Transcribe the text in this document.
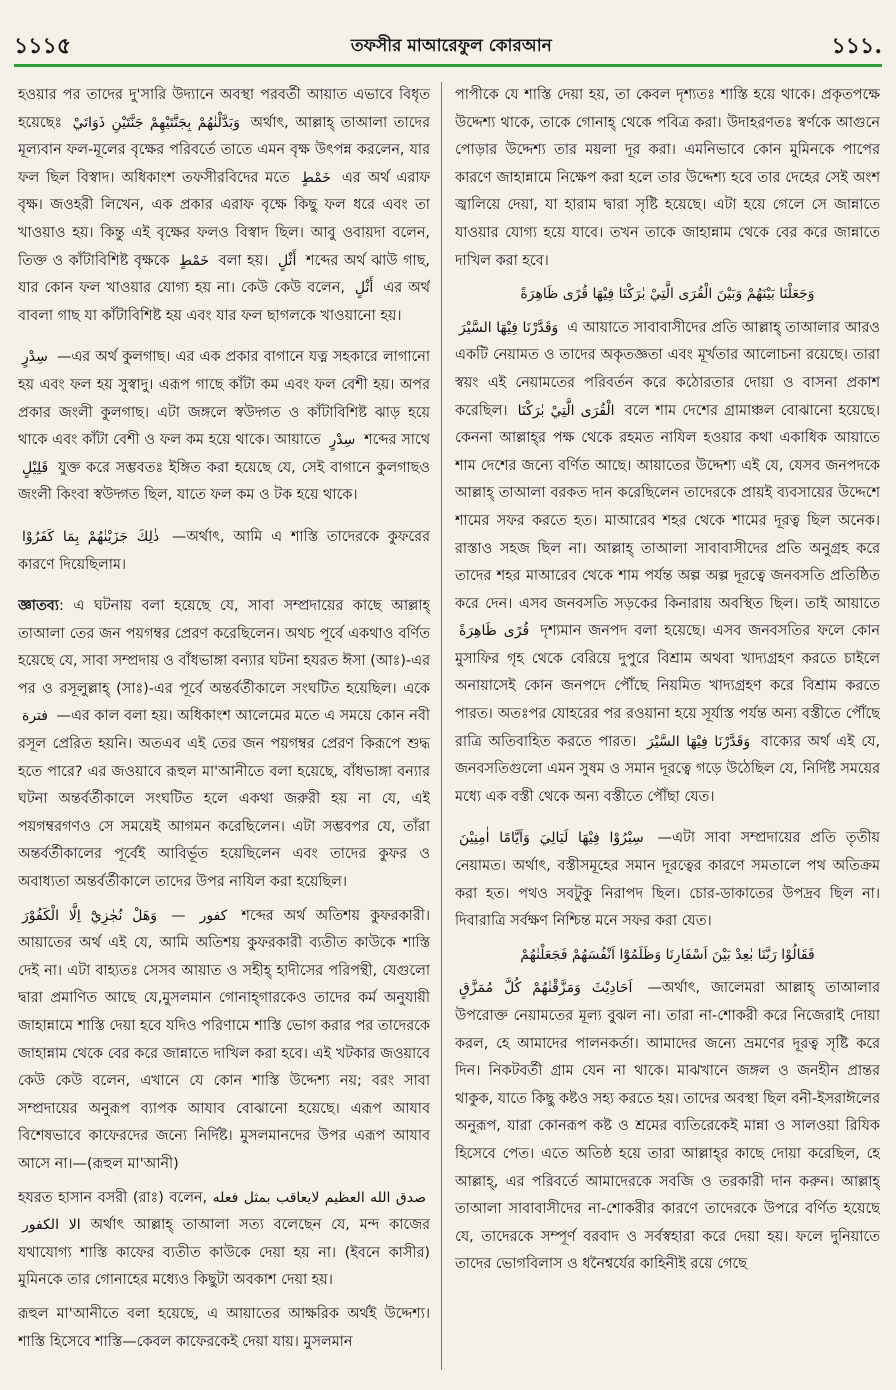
১১১৫	তফসীর মাআরেফুল কোরআন	১১১.

হওয়ার পর তাদের দু'সারি উদ্যানে অবস্থা পরবর্তী আয়াত এভাবে বিধৃত হয়েছেঃ وَبَدَّلْنٰهُمْ بِجَنَّتَيْهِمْ جَنَّتَيْنِ ذَوَاتَيْ অর্থাৎ, আল্লাহ্ তাআলা তাদের মূল্যবান ফল-মূলের বৃক্ষের পরিবর্তে তাতে এমন বৃক্ষ উৎপন্ন করলেন, যার ফল ছিল বিস্বাদ। অধিকাংশ তফসীরবিদের মতে خَمْطٍ এর অর্থ এরাফ বৃক্ষ। জওহরী লিখেন, এক প্রকার এরাফ বৃক্ষে কিছু ফল ধরে এবং তা খাওয়াও হয়। কিন্তু এই বৃক্ষের ফলও বিস্বাদ ছিল। আবু ওবায়দা বলেন, তিক্ত ও কাঁটাবিশিষ্ট বৃক্ষকে خَمْطٍ বলা হয়। أَثْلٍ শব্দের অর্থ ঝাউ গাছ, যার কোন ফল খাওয়ার যোগ্য হয় না। কেউ কেউ বলেন, أَثْلٍ এর অর্থ বাবলা গাছ যা কাঁটাবিশিষ্ট হয় এবং যার ফল ছাগলকে খাওয়ানো হয়।

سِدْرٍ —এর অর্থ কুলগাছ। এর এক প্রকার বাগানে যত্ন সহকারে লাগানো হয় এবং ফল হয় সুস্বাদু। এরূপ গাছে কাঁটা কম এবং ফল বেশী হয়। অপর প্রকার জংলী কুলগাছ। এটা জঙ্গলে স্বউদ্গত ও কাঁটাবিশিষ্ট ঝাড় হয়ে থাকে এবং কাঁটা বেশী ও ফল কম হয়ে থাকে। আয়াতে سِدْرٍ শব্দের সাথে قَلِيْلٍ যুক্ত করে সম্ভবতঃ ইঙ্গিত করা হয়েছে যে, সেই বাগানে কুলগাছও জংলী কিংবা স্বউদ্গত ছিল, যাতে ফল কম ও টক হয়ে থাকে।

ذٰلِكَ جَزَيْنٰهُمْ بِمَا كَفَرُوْا —অর্থাৎ, আমি এ শাস্তি তাদেরকে কুফরের কারণে দিয়েছিলাম।

জ্ঞাতব্য: এ ঘটনায় বলা হয়েছে যে, সাবা সম্প্রদায়ের কাছে আল্লাহ্ তাআলা তের জন পয়গম্বর প্রেরণ করেছিলেন। অথচ পূর্বে একথাও বর্ণিত হয়েছে যে, সাবা সম্প্রদায় ও বাঁধভাঙ্গা বন্যার ঘটনা হযরত ঈসা (আঃ)-এর পর ও রসূলুল্লাহ্ (সাঃ)-এর পূর্বে অন্তর্বর্তীকালে সংঘটিত হয়েছিল। একে فترة —এর কাল বলা হয়। অধিকাংশ আলেমের মতে এ সময়ে কোন নবী রসূল প্রেরিত হয়নি। অতএব এই তের জন পয়গম্বর প্রেরণ কিরূপে শুদ্ধ হতে পারে? এর জওয়াবে রূহুল মা'আনীতে বলা হয়েছে, বাঁধভাঙ্গা বন্যার ঘটনা অন্তর্বর্তীকালে সংঘটিত হলে একথা জরুরী হয় না যে, এই পয়গম্বরগণও সে সময়েই আগমন করেছিলেন। এটা সম্ভবপর যে, তাঁরা অন্তর্বর্তীকালের পূর্বেই আবির্ভূত হয়েছিলেন এবং তাদের কুফর ও অবাধ্যতা অন্তর্বর্তীকালে তাদের উপর নাযিল করা হয়েছিল।

وَهَلْ نُجٰزِيْٓ اِلَّا الْكَفُوْرَ — كفور শব্দের অর্থ অতিশয় কুফরকারী। আয়াতের অর্থ এই যে, আমি অতিশয় কুফরকারী ব্যতীত কাউকে শাস্তি দেই না। এটা বাহ্যতঃ সেসব আয়াত ও সহীহ্ হাদীসের পরিপন্থী, যেগুলো দ্বারা প্রমাণিত আছে যে,মুসলমান গোনাহ্গারকেও তাদের কর্ম অনুযায়ী জাহান্নামে শাস্তি দেয়া হবে যদিও পরিণামে শাস্তি ভোগ করার পর তাদেরকে জাহান্নাম থেকে বের করে জান্নাতে দাখিল করা হবে। এই খটকার জওয়াবে কেউ কেউ বলেন, এখানে যে কোন শাস্তি উদ্দেশ্য নয়; বরং সাবা সম্প্রদায়ের অনুরূপ ব্যাপক আযাব বোঝানো হয়েছে। এরূপ আযাব বিশেষভাবে কাফেরদের জন্যে নির্দিষ্ট। মুসলমানদের উপর এরূপ আযাব আসে না।—(রূহুল মা'আনী)

হযরত হাসান বসরী (রাঃ) বলেন, صدق الله العظيم لايعاقب بمثل فعله الا الكفور অর্থাৎ আল্লাহ্ তাআলা সত্য বলেছেন যে, মন্দ কাজের যথাযোগ্য শাস্তি কাফের ব্যতীত কাউকে দেয়া হয় না। (ইবনে কাসীর) মুমিনকে তার গোনাহের মধ্যেও কিছুটা অবকাশ দেয়া হয়।

রূহুল মা'আনীতে বলা হয়েছে, এ আয়াতের আক্ষরিক অর্থই উদ্দেশ্য। শাস্তি হিসেবে শাস্তি—কেবল কাফেরকেই দেয়া যায়। মুসলমান

পাপীকে যে শাস্তি দেয়া হয়, তা কেবল দৃশ্যতঃ শাস্তি হয়ে থাকে। প্রকৃতপক্ষে উদ্দেশ্য থাকে, তাকে গোনাহ্ থেকে পবিত্র করা। উদাহরণতঃ স্বর্ণকে আগুনে পোড়ার উদ্দেশ্য তার ময়লা দূর করা। এমনিভাবে কোন মুমিনকে পাপের কারণে জাহান্নামে নিক্ষেপ করা হলে তার উদ্দেশ্য হবে তার দেহের সেই অংশ জ্বালিয়ে দেয়া, যা হারাম দ্বারা সৃষ্টি হয়েছে। এটা হয়ে গেলে সে জান্নাতে যাওয়ার যোগ্য হয়ে যাবে। তখন তাকে জাহান্নাম থেকে বের করে জান্নাতে দাখিল করা হবে।

وَجَعَلْنَا بَيْنَهُمْ وَبَيْنَ الْقُرَى الَّتِيْ بٰرَكْنَا فِيْهَا قُرًى ظَاهِرَةً

وَقَدَّرْنَا فِيْهَا السَّيْرَ এ আয়াতে সাবাবাসীদের প্রতি আল্লাহ্ তাআলার আরও একটি নেয়ামত ও তাদের অকৃতজ্ঞতা এবং মূর্খতার আলোচনা রয়েছে। তারা স্বয়ং এই নেয়ামতের পরিবর্তন করে কঠোরতার দোয়া ও বাসনা প্রকাশ করেছিল। الْقُرَى الَّتِيْ بٰرَكْنَا বলে শাম দেশের গ্রামাঞ্চল বোঝানো হয়েছে। কেননা আল্লাহ্‌র পক্ষ থেকে রহমত নাযিল হওয়ার কথা একাধিক আয়াতে শাম দেশের জন্যে বর্ণিত আছে। আয়াতের উদ্দেশ্য এই যে, যেসব জনপদকে আল্লাহ্ তাআলা বরকত দান করেছিলেন তাদেরকে প্রায়ই ব্যবসায়ের উদ্দেশে শামের সফর করতে হত। মাআরেব শহর থেকে শামের দূরত্ব ছিল অনেক। রাস্তাও সহজ ছিল না। আল্লাহ্ তাআলা সাবাবাসীদের প্রতি অনুগ্রহ করে তাদের শহর মাআরেব থেকে শাম পর্যন্ত অল্প অল্প দূরত্বে জনবসতি প্রতিষ্ঠিত করে দেন। এসব জনবসতি সড়কের কিনারায় অবস্থিত ছিল। তাই আয়াতে قُرًى ظَاهِرَةً দৃশ্যমান জনপদ বলা হয়েছে। এসব জনবসতির ফলে কোন মুসাফির গৃহ থেকে বেরিয়ে দুপুরে বিশ্রাম অথবা খাদ্যগ্রহণ করতে চাইলে অনায়াসেই কোন জনপদে পৌঁছে নিয়মিত খাদ্যগ্রহণ করে বিশ্রাম করতে পারত। অতঃপর যোহরের পর রওয়ানা হয়ে সূর্যাস্ত পর্যন্ত অন্য বস্তীতে পৌঁছে রাত্রি অতিবাহিত করতে পারত। وَقَدَّرْنَا فِيْهَا السَّيْرَ বাক্যের অর্থ এই যে, জনবসতিগুলো এমন সুষম ও সমান দূরত্বে গড়ে উঠেছিল যে, নির্দিষ্ট সময়ের মধ্যে এক বস্তী থেকে অন্য বস্তীতে পৌঁছা যেত।

سِيْرُوْا فِيْهَا لَيَالِيَ وَاَيَّامًا اٰمِنِيْنَ —এটা সাবা সম্প্রদায়ের প্রতি তৃতীয় নেয়ামত। অর্থাৎ, বস্তীসমূহের সমান দূরত্বের কারণে সমতালে পথ অতিক্রম করা হত। পথও সবটুকু নিরাপদ ছিল। চোর-ডাকাতের উপদ্রব ছিল না। দিবারাত্রি সর্বক্ষণ নিশ্চিন্ত মনে সফর করা যেত।

فَقَالُوْا رَبَّنَا بٰعِدْ بَيْنَ اَسْفَارِنَا وَظَلَمُوْٓا اَنْفُسَهُمْ فَجَعَلْنٰهُمْ

اَحَادِيْثَ وَمَزَّقْنٰهُمْ كُلَّ مُمَزَّقٍ —অর্থাৎ, জালেমরা আল্লাহ্ তাআলার উপরোক্ত নেয়ামতের মূল্য বুঝল না। তারা না-শোকরী করে নিজেরাই দোয়া করল, হে আমাদের পালনকর্তা। আমাদের জন্যে ভ্রমণের দূরত্ব সৃষ্টি করে দিন। নিকটবর্তী গ্রাম যেন না থাকে। মাঝখানে জঙ্গল ও জনহীন প্রান্তর থাকুক, যাতে কিছু কষ্টও সহ্য করতে হয়। তাদের অবস্থা ছিল বনী-ইসরাঈলের অনুরূপ, যারা কোনরূপ কষ্ট ও শ্রমের ব্যতিরেকেই মান্না ও সালওয়া রিযিক হিসেবে পেত। এতে অতিষ্ঠ হয়ে তারা আল্লাহ্‌র কাছে দোয়া করেছিল, হে আল্লাহ্, এর পরিবর্তে আমাদেরকে সবজি ও তরকারী দান করুন। আল্লাহ্ তাআলা সাবাবাসীদের না-শোকরীর কারণে তাদেরকে উপরে বর্ণিত হয়েছে যে, তাদেরকে সম্পূর্ণ বরবাদ ও সর্বস্বহারা করে দেয়া হয়। ফলে দুনিয়াতে তাদের ভোগবিলাস ও ধনৈশ্বর্যের কাহিনীই রয়ে গেছে
